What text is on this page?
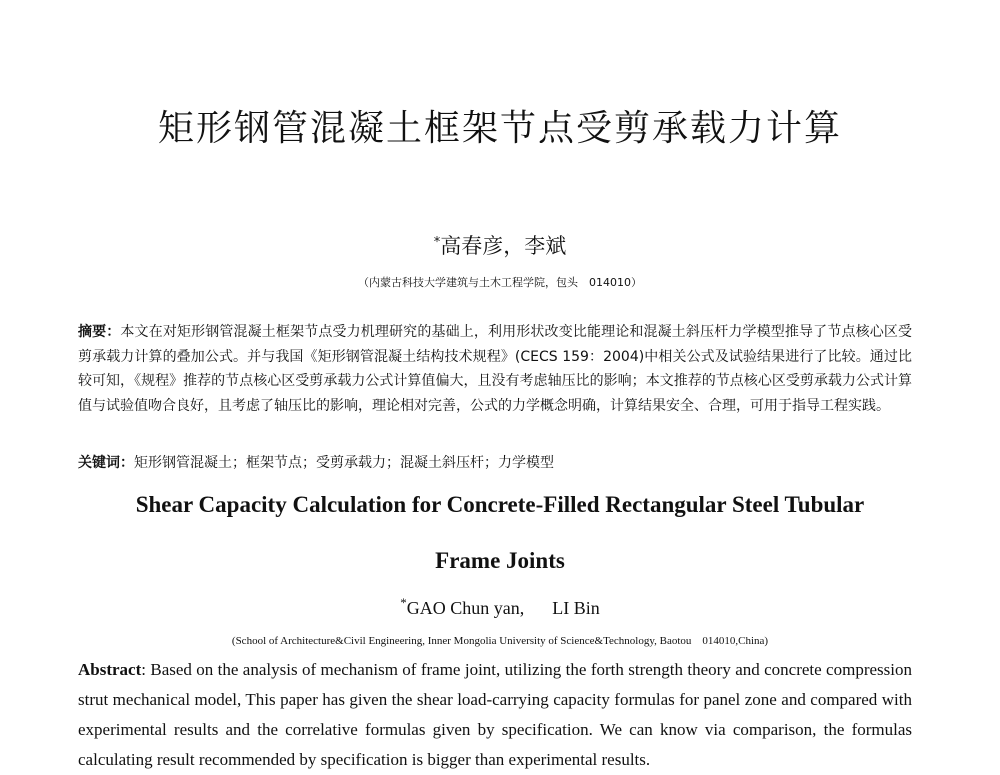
矩形钢管混凝土框架节点受剪承载力计算
*高春彦，李斌
（内蒙古科技大学建筑与土木工程学院，包头　014010）
摘要：本文在对矩形钢管混凝土框架节点受力机理研究的基础上，利用形状改变比能理论和混凝土斜压杆力学模型推导了节点核心区受剪承载力计算的叠加公式。并与我国《矩形钢管混凝土结构技术规程》(CECS 159：2004)中相关公式及试验结果进行了比较。通过比较可知，《规程》推荐的节点核心区受剪承载力公式计算值偏大，且没有考虑轴压比的影响；本文推荐的节点核心区受剪承载力公式计算值与试验值吻合良好，且考虑了轴压比的影响，理论相对完善，公式的力学概念明确，计算结果安全、合理，可用于指导工程实践。
关键词：矩形钢管混凝土；框架节点；受剪承载力；混凝土斜压杆；力学模型
Shear Capacity Calculation for Concrete-Filled Rectangular Steel Tubular
Frame Joints
*GAO Chun yan, LI Bin
(School of Architecture&Civil Engineering, Inner Mongolia University of Science&Technology, Baotou　014010,China)
Abstract: Based on the analysis of mechanism of frame joint, utilizing the forth strength theory and concrete compression strut mechanical model, This paper has given the shear load-carrying capacity formulas for panel zone and compared with experimental results and the correlative formulas given by specification. We can know via comparison, the formulas calculating result recommended by specification is bigger than experimental results.
